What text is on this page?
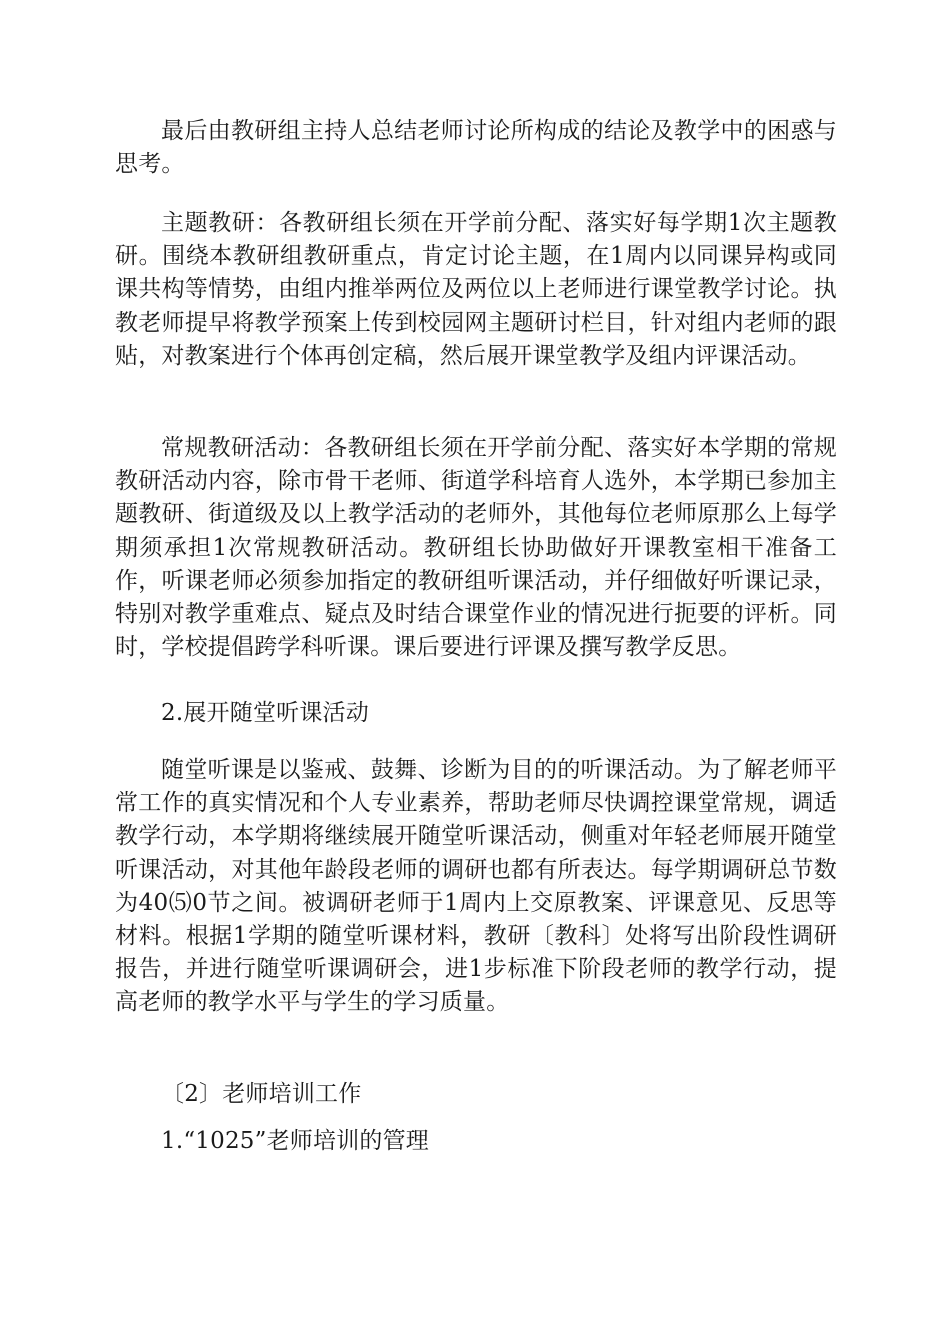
最后由教研组主持人总结老师讨论所构成的结论及教学中的困惑与思考。

主题教研：各教研组长须在开学前分配、落实好每学期1次主题教研。围绕本教研组教研重点，肯定讨论主题，在1周内以同课异构或同课共构等情势，由组内推举两位及两位以上老师进行课堂教学讨论。执教老师提早将教学预案上传到校园网主题研讨栏目，针对组内老师的跟贴，对教案进行个体再创定稿，然后展开课堂教学及组内评课活动。

常规教研活动：各教研组长须在开学前分配、落实好本学期的常规教研活动内容，除市骨干老师、街道学科培育人选外，本学期已参加主题教研、街道级及以上教学活动的老师外，其他每位老师原那么上每学期须承担1次常规教研活动。教研组长协助做好开课教室相干准备工作，听课老师必须参加指定的教研组听课活动，并仔细做好听课记录，特别对教学重难点、疑点及时结合课堂作业的情况进行扼要的评析。同时，学校提倡跨学科听课。课后要进行评课及撰写教学反思。

2.展开随堂听课活动

随堂听课是以鉴戒、鼓舞、诊断为目的的听课活动。为了解老师平常工作的真实情况和个人专业素养，帮助老师尽快调控课堂常规，调适教学行动，本学期将继续展开随堂听课活动，侧重对年轻老师展开随堂听课活动，对其他年龄段老师的调研也都有所表达。每学期调研总节数为40⑸0节之间。被调研老师于1周内上交原教案、评课意见、反思等材料。根据1学期的随堂听课材料，教研〔教科〕处将写出阶段性调研报告，并进行随堂听课调研会，进1步标准下阶段老师的教学行动，提高老师的教学水平与学生的学习质量。

〔2〕老师培训工作

1.“1025”老师培训的管理
